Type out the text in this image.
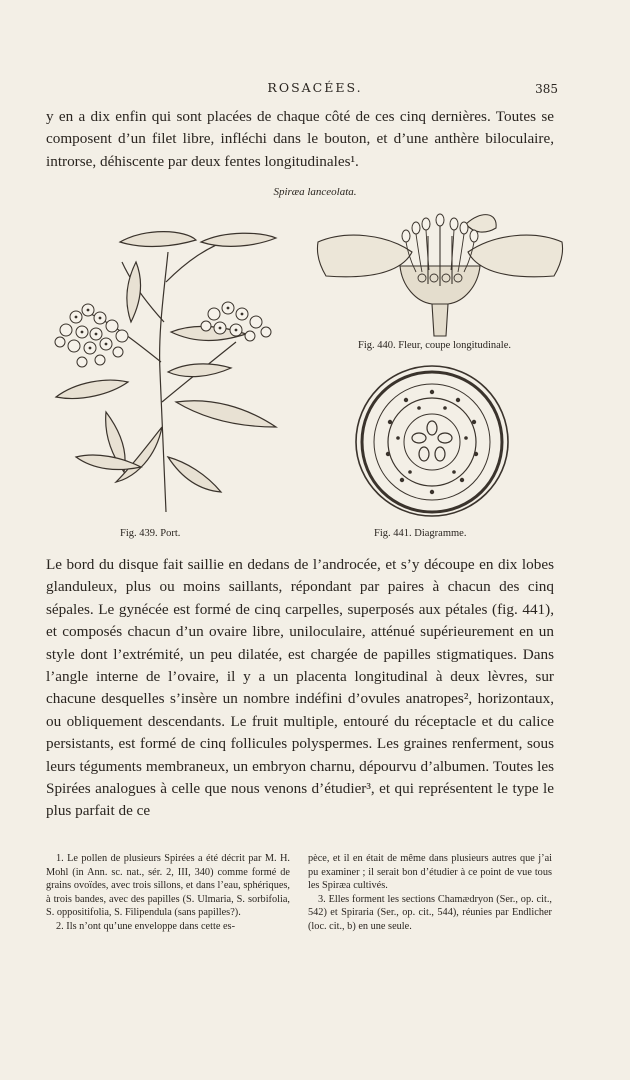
ROSACÉES.	385

y en a dix enfin qui sont placées de chaque côté de ces cinq dernières. Toutes se composent d’un filet libre, infléchi dans le bouton, et d’une anthère biloculaire, introrse, déhiscente par deux fentes longitudinales¹.

Spiræa lanceolata.
Fig. 440. Fleur, coupe longitudinale.
Fig. 439. Port.	Fig. 441. Diagramme.

Le bord du disque fait saillie en dedans de l’androcée, et s’y découpe en dix lobes glanduleux, plus ou moins saillants, répondant par paires à chacun des cinq sépales. Le gynécée est formé de cinq carpelles, superposés aux pétales (fig. 441), et composés chacun d’un ovaire libre, uniloculaire, atténué supérieurement en un style dont l’extrémité, un peu dilatée, est chargée de papilles stigmatiques. Dans l’angle interne de l’ovaire, il y a un placenta longitudinal à deux lèvres, sur chacune desquelles s’insère un nombre indéfini d’ovules anatropes², horizontaux, ou obliquement descendants. Le fruit multiple, entouré du réceptacle et du calice persistants, est formé de cinq follicules polyspermes. Les graines renferment, sous leurs téguments membraneux, un embryon charnu, dépourvu d’albumen. Toutes les Spirées analogues à celle que nous venons d’étudier³, et qui représentent le type le plus parfait de ce

1. Le pollen de plusieurs Spirées a été décrit par M. H. Mohl (in Ann. sc. nat., sér. 2, III, 340) comme formé de grains ovoïdes, avec trois sillons, et dans l’eau, sphériques, à trois bandes, avec des papilles (S. Ulmaria, S. sorbifolia, S. oppositifolia, S. Filipendula (sans papilles?).

2. Ils n’ont qu’une enveloppe dans cette es-

pèce, et il en était de même dans plusieurs autres que j’ai pu examiner ; il serait bon d’étudier à ce point de vue tous les Spiræa cultivés.

3. Elles forment les sections Chamædryon (Ser., op. cit., 542) et Spiraria (Ser., op. cit., 544), réunies par Endlicher (loc. cit., b) en une seule.
